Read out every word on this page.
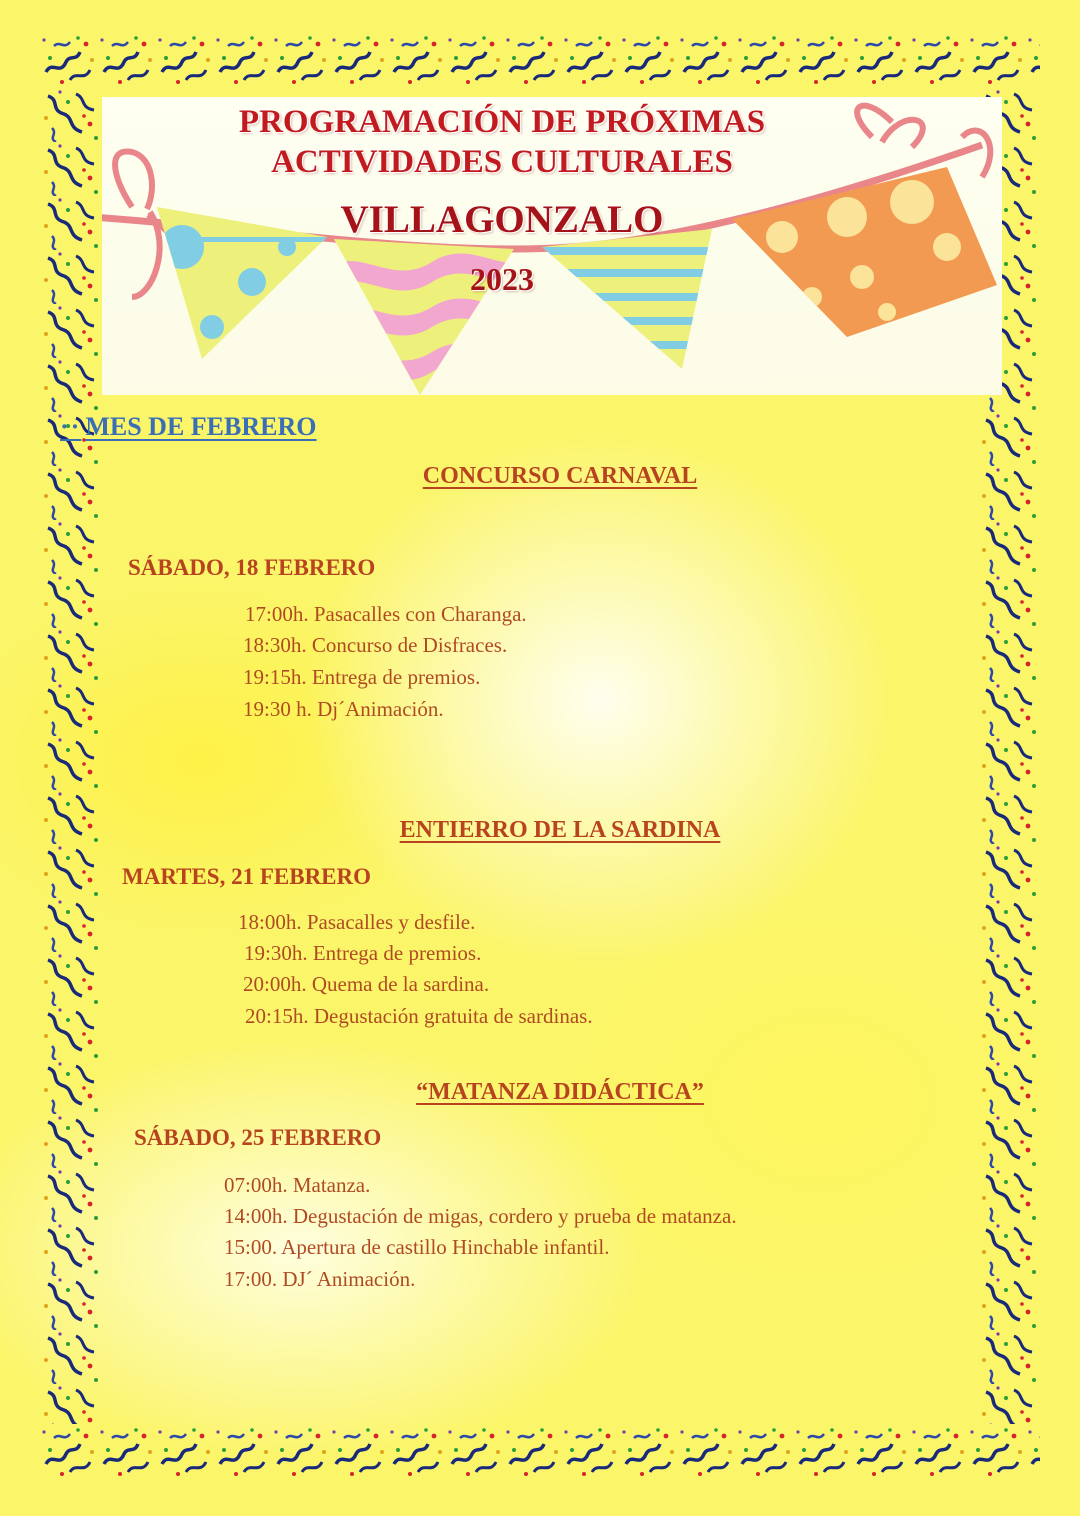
PROGRAMACIÓN DE PRÓXIMAS
ACTIVIDADES CULTURALES
VILLAGONZALO
2023
·· MES DE FEBRERO
CONCURSO CARNAVAL
SÁBADO, 18 FEBRERO
17:00h. Pasacalles con Charanga.
18:30h. Concurso de Disfraces.
19:15h. Entrega de premios.
19:30 h. Dj´Animación.
ENTIERRO DE LA SARDINA
MARTES, 21 FEBRERO
18:00h. Pasacalles y desfile.
19:30h. Entrega de premios.
20:00h. Quema de la sardina.
20:15h. Degustación gratuita de sardinas.
“MATANZA DIDÁCTICA”
SÁBADO, 25 FEBRERO
07:00h. Matanza.
14:00h. Degustación de migas, cordero y prueba de matanza.
15:00. Apertura de castillo Hinchable infantil.
17:00. DJ´ Animación.
